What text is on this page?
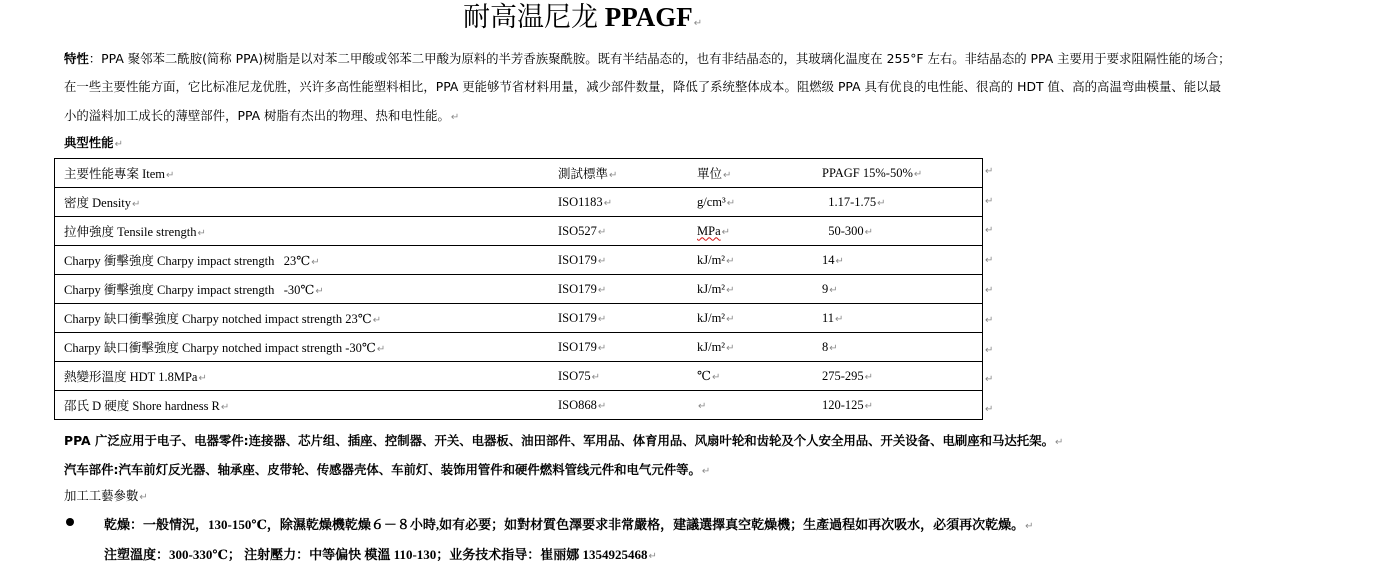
耐高温尼龙 PPAGF↵
特性：PPA 聚邻苯二酰胺(简称 PPA)树脂是以对苯二甲酸或邻苯二甲酸为原料的半芳香族聚酰胺。既有半结晶态的，也有非结晶态的，其玻璃化温度在 255°F 左右。非结晶态的 PPA 主要用于要求阻隔性能的场合；
在一些主要性能方面，它比标准尼龙优胜，兴许多高性能塑料相比，PPA 更能够节省材料用量，减少部件数量，降低了系统整体成本。阻燃级 PPA 具有优良的电性能、很高的 HDT 值、高的高温弯曲模量、能以最
小的溢料加工成长的薄壁部件，PPA 树脂有杰出的物理、热和电性能。↵
典型性能↵
主要性能專案 Item↵	測試標準↵	單位↵	PPAGF 15%-50%↵
密度 Density↵	ISO1183↵	g/cm³↵	1.17-1.75↵
拉伸強度 Tensile strength↵	ISO527↵	MPa↵	50-300↵
Charpy 衝擊強度 Charpy impact strength   23℃↵	ISO179↵	kJ/m²↵	14↵
Charpy 衝擊強度 Charpy impact strength   -30℃↵	ISO179↵	kJ/m²↵	9↵
Charpy 缺口衝擊強度 Charpy notched impact strength 23℃↵	ISO179↵	kJ/m²↵	11↵
Charpy 缺口衝擊強度 Charpy notched impact strength -30℃↵	ISO179↵	kJ/m²↵	8↵
熱變形溫度 HDT 1.8MPa↵	ISO75↵	℃↵	275-295↵
邵氏 D 硬度 Shore hardness R↵	ISO868↵	↵	120-125↵
↵
↵
↵
↵
↵
↵
↵
↵
↵
PPA 广泛应用于电子、电器零件:连接器、芯片组、插座、控制器、开关、电器板、油田部件、军用品、体育用品、风扇叶轮和齿轮及个人安全用品、开关设备、电刷座和马达托架。↵
汽车部件:汽车前灯反光器、轴承座、皮带轮、传感器壳体、车前灯、装饰用管件和硬件燃料管线元件和电气元件等。↵
加工工藝參數↵
乾燥：一般情況，130-150℃，除濕乾燥機乾燥６－８小時,如有必要；如對材質色澤要求非常嚴格，建議選擇真空乾燥機；生產過程如再次吸水，必須再次乾燥。↵
注塑溫度：300-330℃； 注射壓力：中等偏快 模溫 110-130；业务技术指导：崔丽娜 1354925468↵
